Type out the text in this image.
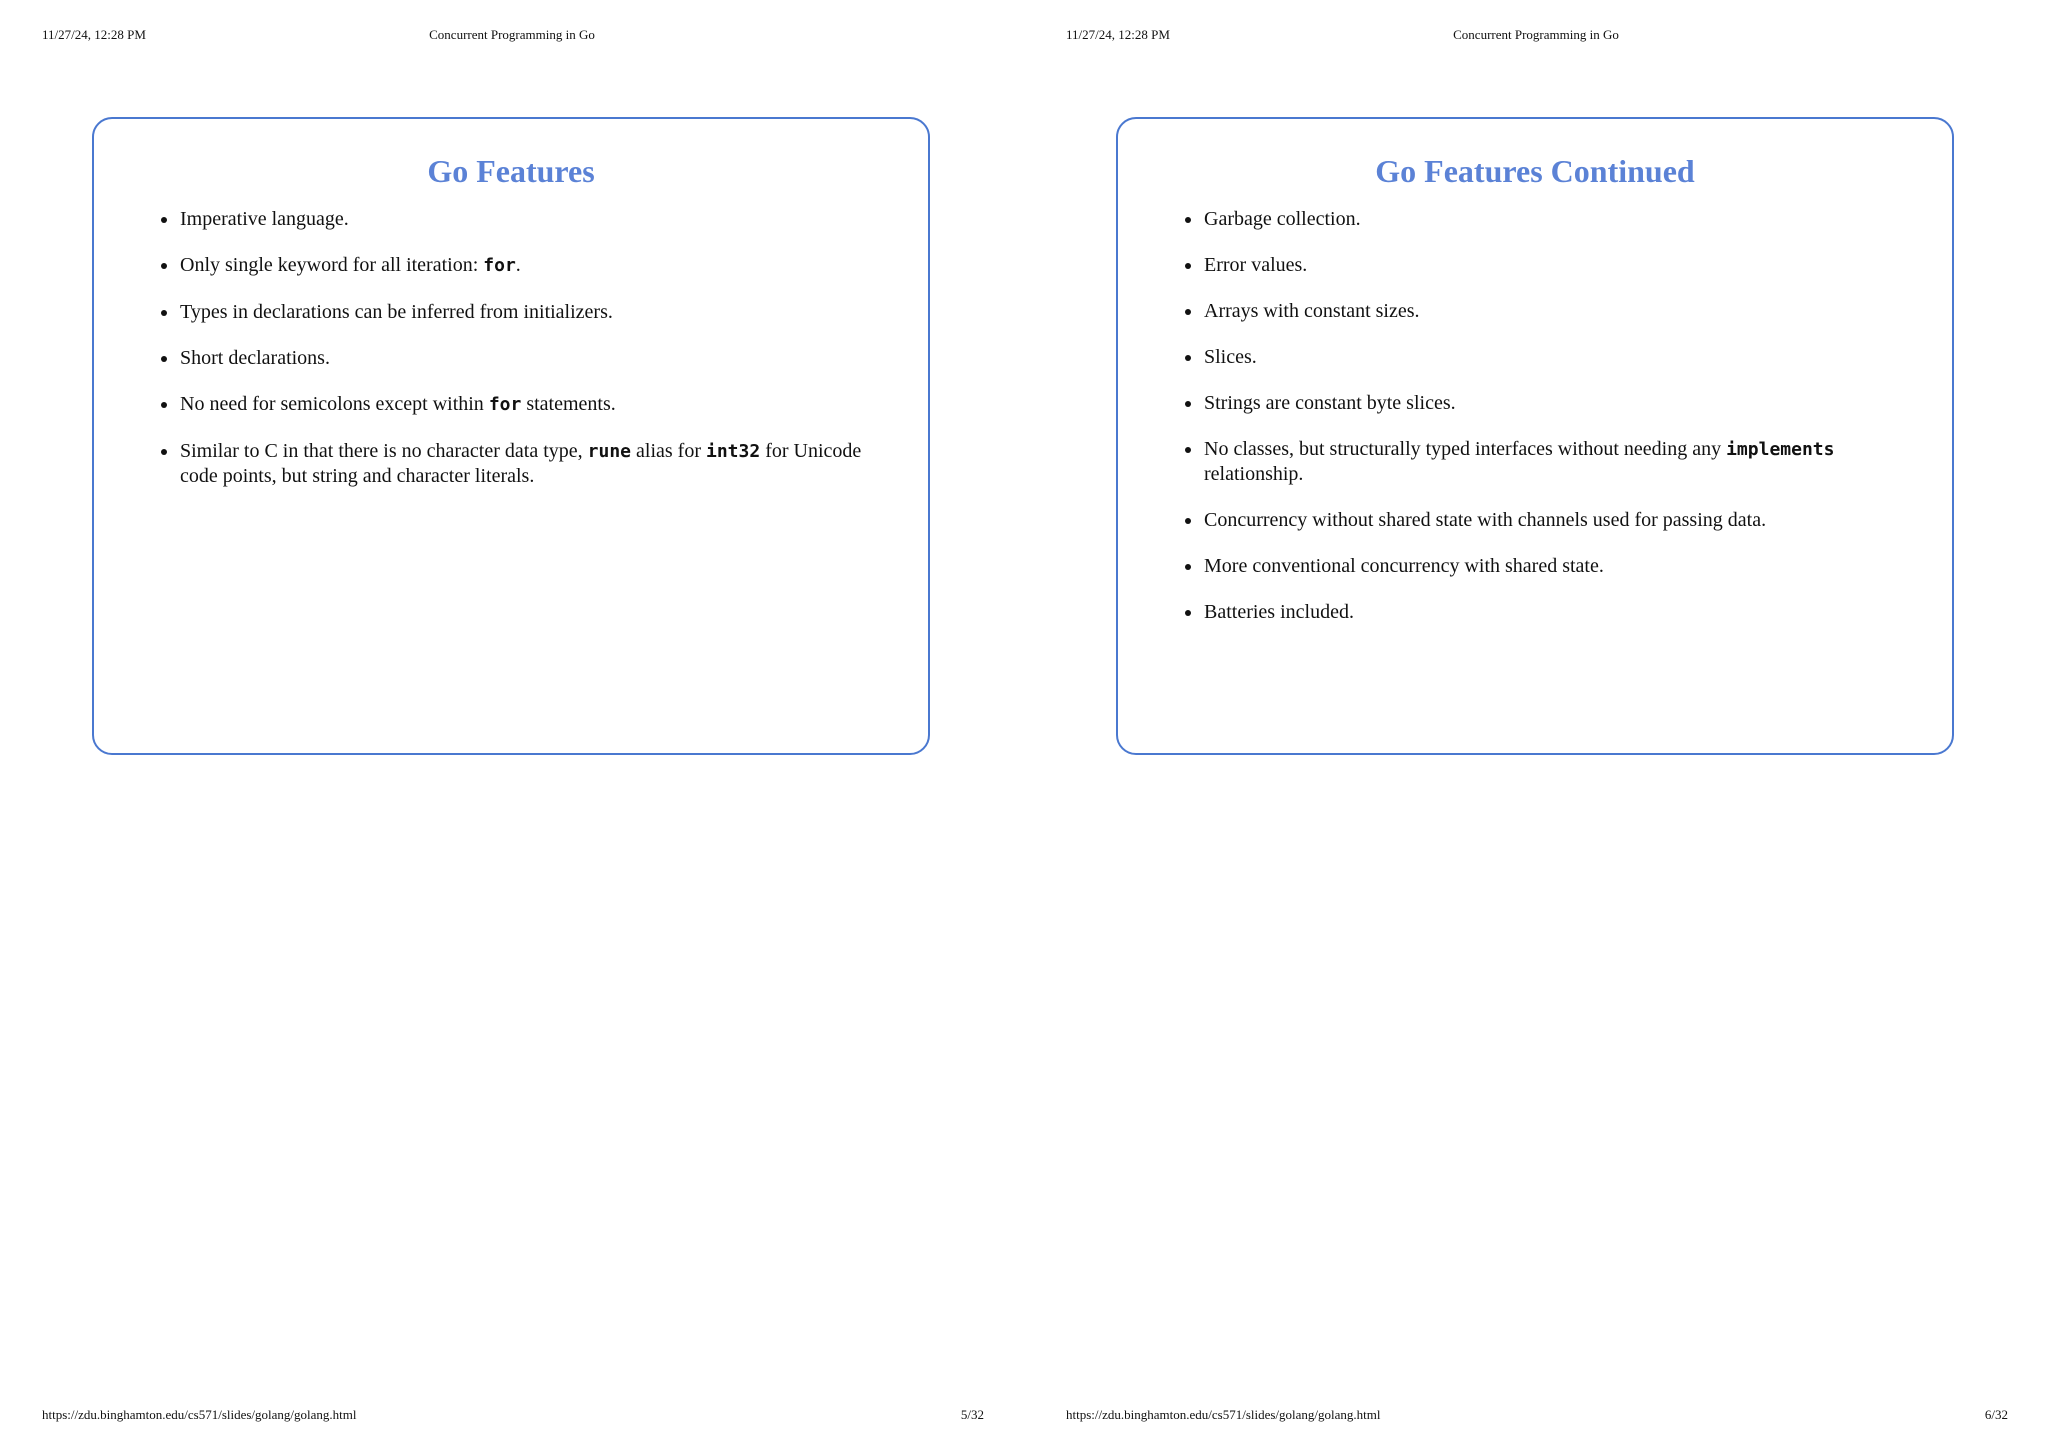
11/27/24, 12:28 PM	Concurrent Programming in Go
Go Features
Imperative language.
Only single keyword for all iteration: for.
Types in declarations can be inferred from initializers.
Short declarations.
No need for semicolons except within for statements.
Similar to C in that there is no character data type, rune alias for int32 for Unicode code points, but string and character literals.
https://zdu.binghamton.edu/cs571/slides/golang/golang.html	5/32
11/27/24, 12:28 PM	Concurrent Programming in Go
Go Features Continued
Garbage collection.
Error values.
Arrays with constant sizes.
Slices.
Strings are constant byte slices.
No classes, but structurally typed interfaces without needing any implements relationship.
Concurrency without shared state with channels used for passing data.
More conventional concurrency with shared state.
Batteries included.
https://zdu.binghamton.edu/cs571/slides/golang/golang.html	6/32
